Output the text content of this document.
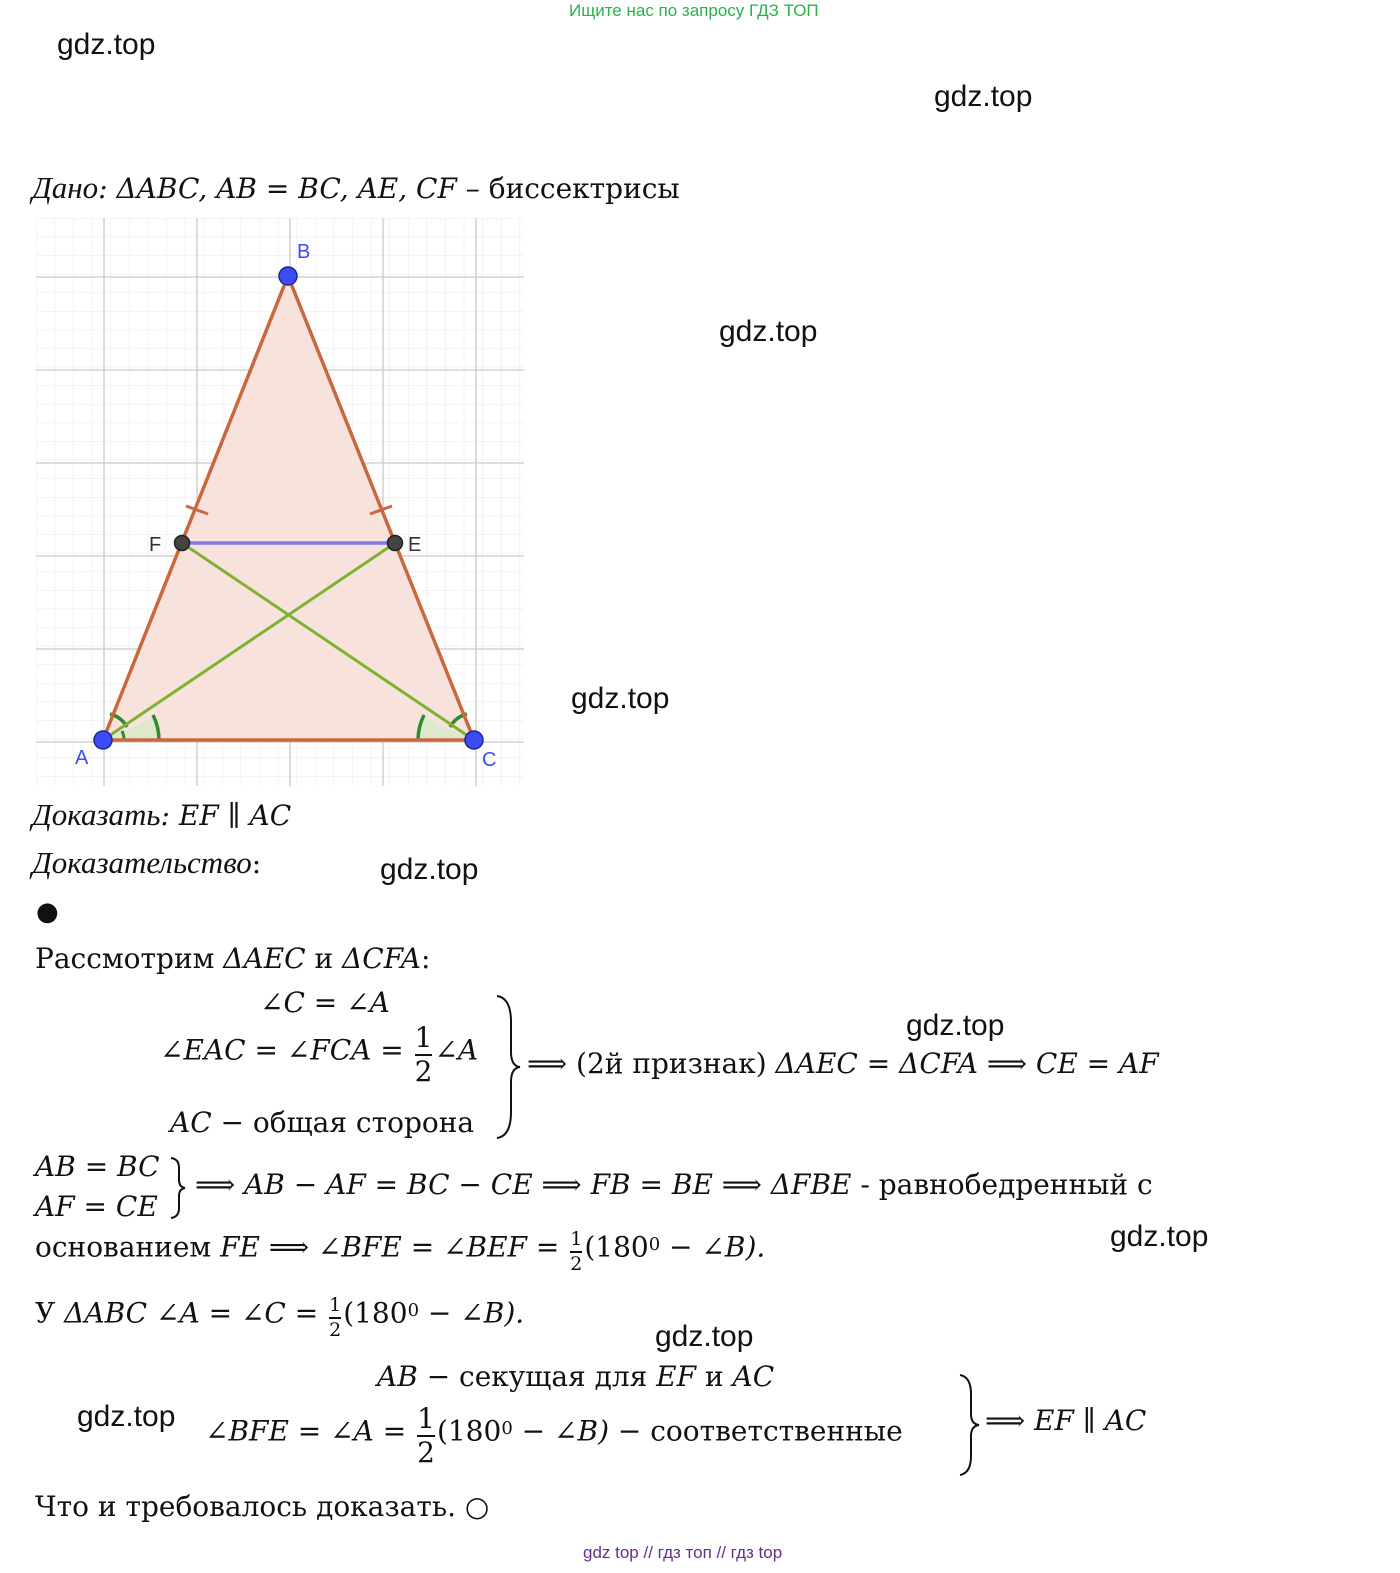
Ищите нас по запросу ГДЗ ТОП
gdz.top
gdz.top
gdz.top
gdz.top
gdz.top
gdz.top
gdz.top
gdz.top
gdz.top
Дано: ΔABC, AB = BC, AE, CF – биссектрисы
B
A	C
F	E
Доказать: EF ∥ AC
Доказательство:
●
Рассмотрим ΔAEC и ΔCFA:
∠C = ∠A
∠EAC = ∠FCA = $\frac{1}{2}$ ∠A
AC − общая сторона
⟹ (2й признак) ΔAEC = ΔCFA ⟹ CE = AF
AB = BC
AF = CE
⟹ AB − AF = BC − CE ⟹ FB = BE ⟹ ΔFBE - равнобедренный с
основанием FE ⟹ ∠BFE = ∠BEF = $\frac{1}{2} (180^0$ − ∠B).
У ΔABC ∠A = ∠C = $\frac{1}{2} (180^0$ − ∠B).
AB − секущая для EF и AC
∠BFE = ∠A = $\frac{1}{2} (180^0$ − ∠B) − соответственные	⟹ EF ∥ AC
Что и требовалось доказать. ○
gdz top // гдз топ // гдз top
